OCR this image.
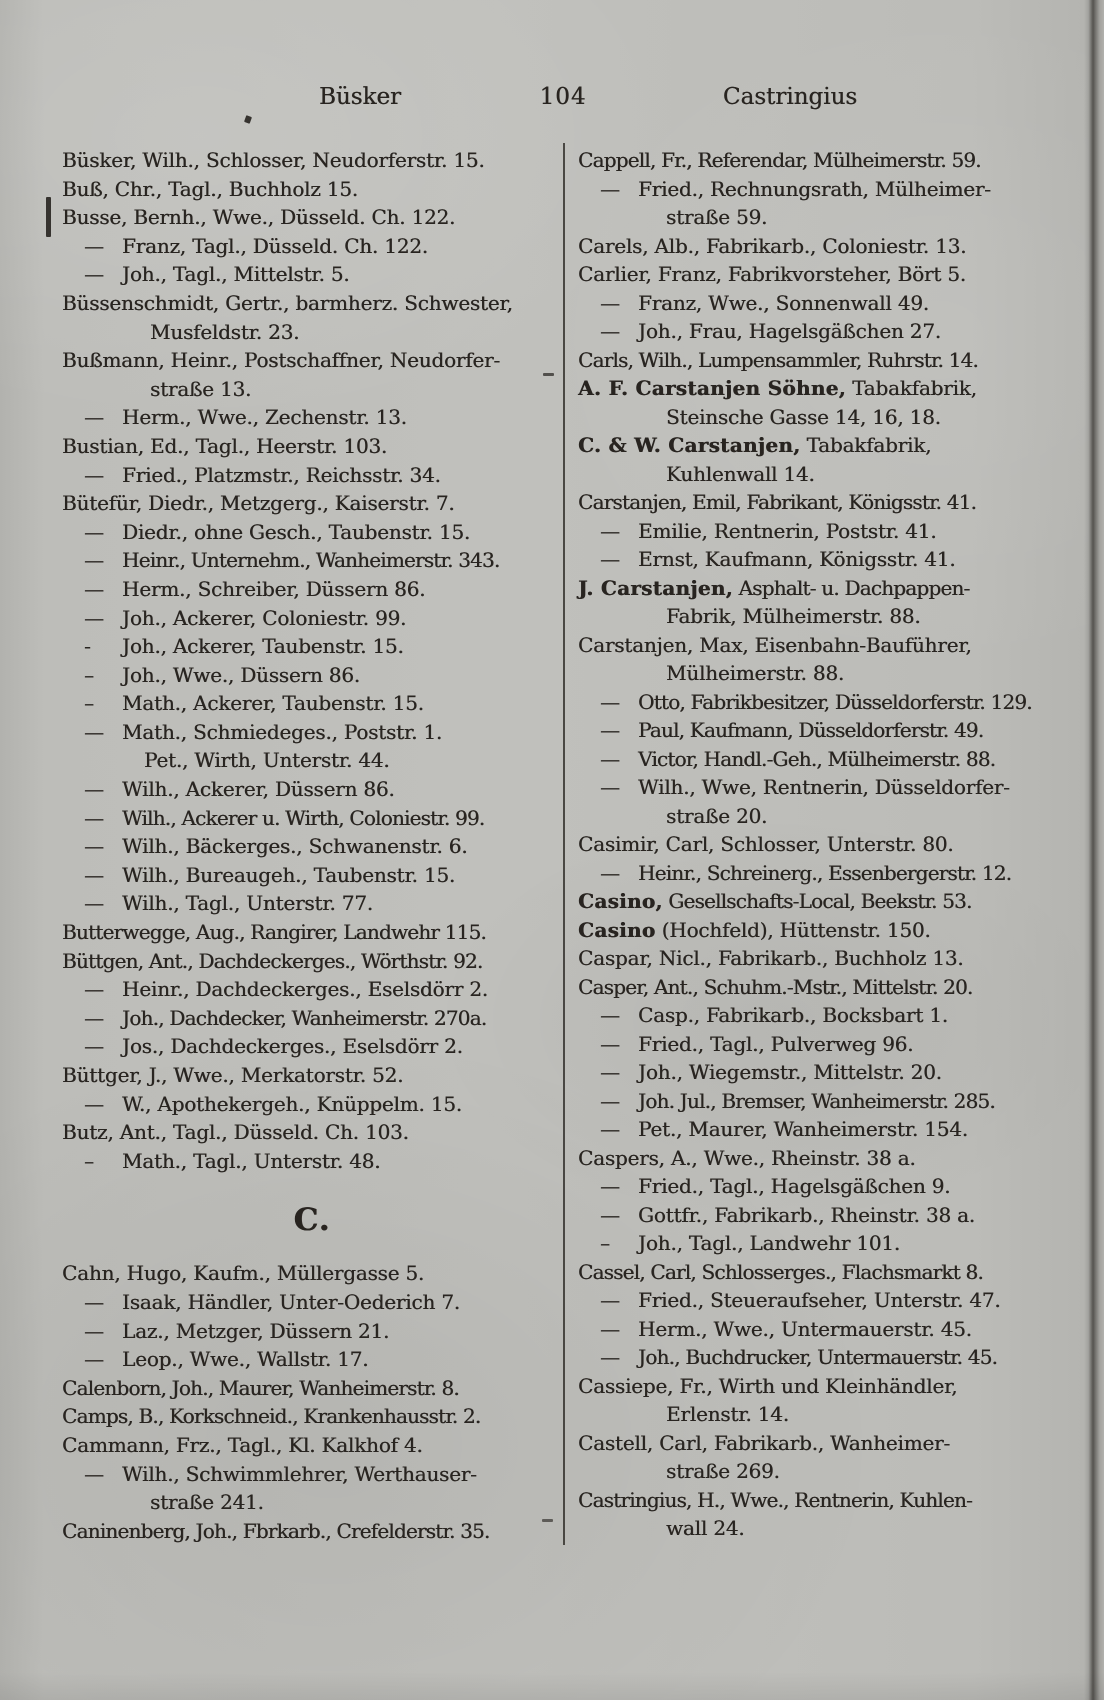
Büsker	104	Castringius
Büsker, Wilh., Schlosser, Neudorferstr. 15.
Buß, Chr., Tagl., Buchholz 15.
Busse, Bernh., Wwe., Düsseld. Ch. 122.
— Franz, Tagl., Düsseld. Ch. 122.
— Joh., Tagl., Mittelstr. 5.
Büssenschmidt, Gertr., barmherz. Schwester,
Musfeldstr. 23.
Bußmann, Heinr., Postschaffner, Neudorfer-
straße 13.
— Herm., Wwe., Zechenstr. 13.
Bustian, Ed., Tagl., Heerstr. 103.
— Fried., Platzmstr., Reichsstr. 34.
Bütefür, Diedr., Metzgerg., Kaiserstr. 7.
— Diedr., ohne Gesch., Taubenstr. 15.
— Heinr., Unternehm., Wanheimerstr. 343.
— Herm., Schreiber, Düssern 86.
— Joh., Ackerer, Coloniestr. 99.
- Joh., Ackerer, Taubenstr. 15.
– Joh., Wwe., Düssern 86.
– Math., Ackerer, Taubenstr. 15.
— Math., Schmiedeges., Poststr. 1.
Pet., Wirth, Unterstr. 44.
— Wilh., Ackerer, Düssern 86.
— Wilh., Ackerer u. Wirth, Coloniestr. 99.
— Wilh., Bäckerges., Schwanenstr. 6.
— Wilh., Bureaugeh., Taubenstr. 15.
— Wilh., Tagl., Unterstr. 77.
Butterwegge, Aug., Rangirer, Landwehr 115.
Büttgen, Ant., Dachdeckerges., Wörthstr. 92.
— Heinr., Dachdeckerges., Eselsdörr 2.
— Joh., Dachdecker, Wanheimerstr. 270a.
— Jos., Dachdeckerges., Eselsdörr 2.
Büttger, J., Wwe., Merkatorstr. 52.
— W., Apothekergeh., Knüppelm. 15.
Butz, Ant., Tagl., Düsseld. Ch. 103.
– Math., Tagl., Unterstr. 48.
C.
Cahn, Hugo, Kaufm., Müllergasse 5.
— Isaak, Händler, Unter-Oederich 7.
— Laz., Metzger, Düssern 21.
— Leop., Wwe., Wallstr. 17.
Calenborn, Joh., Maurer, Wanheimerstr. 8.
Camps, B., Korkschneid., Krankenhausstr. 2.
Cammann, Frz., Tagl., Kl. Kalkhof 4.
— Wilh., Schwimmlehrer, Werthauser-
straße 241.
Caninenberg, Joh., Fbrkarb., Crefelderstr. 35.
Cappell, Fr., Referendar, Mülheimerstr. 59.
— Fried., Rechnungsrath, Mülheimer-
straße 59.
Carels, Alb., Fabrikarb., Coloniestr. 13.
Carlier, Franz, Fabrikvorsteher, Bört 5.
— Franz, Wwe., Sonnenwall 49.
— Joh., Frau, Hagelsgäßchen 27.
Carls, Wilh., Lumpensammler, Ruhrstr. 14.
A. F. Carstanjen Söhne, Tabakfabrik,
Steinsche Gasse 14, 16, 18.
C. & W. Carstanjen, Tabakfabrik,
Kuhlenwall 14.
Carstanjen, Emil, Fabrikant, Königsstr. 41.
— Emilie, Rentnerin, Poststr. 41.
— Ernst, Kaufmann, Königsstr. 41.
J. Carstanjen, Asphalt- u. Dachpappen-
Fabrik, Mülheimerstr. 88.
Carstanjen, Max, Eisenbahn-Bauführer,
Mülheimerstr. 88.
— Otto, Fabrikbesitzer, Düsseldorferstr. 129.
— Paul, Kaufmann, Düsseldorferstr. 49.
— Victor, Handl.-Geh., Mülheimerstr. 88.
— Wilh., Wwe, Rentnerin, Düsseldorfer-
straße 20.
Casimir, Carl, Schlosser, Unterstr. 80.
— Heinr., Schreinerg., Essenbergerstr. 12.
Casino, Gesellschafts-Local, Beekstr. 53.
Casino (Hochfeld), Hüttenstr. 150.
Caspar, Nicl., Fabrikarb., Buchholz 13.
Casper, Ant., Schuhm.-Mstr., Mittelstr. 20.
— Casp., Fabrikarb., Bocksbart 1.
— Fried., Tagl., Pulverweg 96.
— Joh., Wiegemstr., Mittelstr. 20.
— Joh. Jul., Bremser, Wanheimerstr. 285.
— Pet., Maurer, Wanheimerstr. 154.
Caspers, A., Wwe., Rheinstr. 38 a.
— Fried., Tagl., Hagelsgäßchen 9.
— Gottfr., Fabrikarb., Rheinstr. 38 a.
– Joh., Tagl., Landwehr 101.
Cassel, Carl, Schlosserges., Flachsmarkt 8.
— Fried., Steueraufseher, Unterstr. 47.
— Herm., Wwe., Untermauerstr. 45.
— Joh., Buchdrucker, Untermauerstr. 45.
Cassiepe, Fr., Wirth und Kleinhändler,
Erlenstr. 14.
Castell, Carl, Fabrikarb., Wanheimer-
straße 269.
Castringius, H., Wwe., Rentnerin, Kuhlen-
wall 24.
